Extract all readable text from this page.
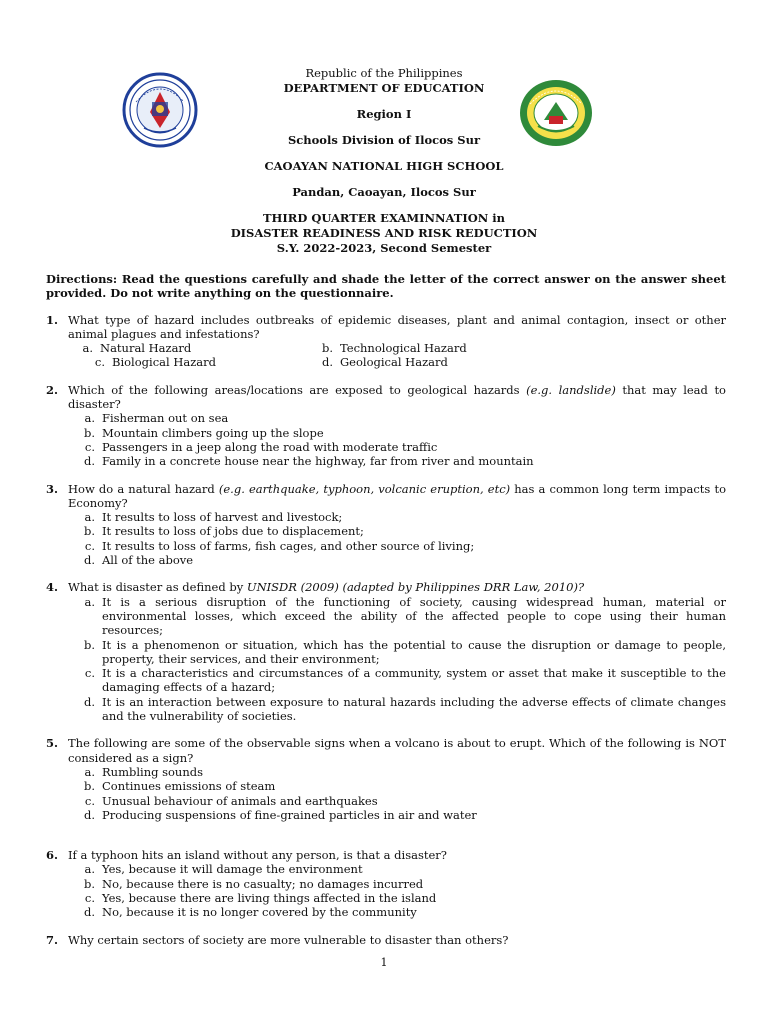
Republic of the Philippines
DEPARTMENT OF EDUCATION
Region I
Schools Division of Ilocos Sur
CAOAYAN NATIONAL HIGH SCHOOL
Pandan, Caoayan, Ilocos Sur
THIRD QUARTER EXAMINNATION in
DISASTER READINESS AND RISK REDUCTION
S.Y. 2022-2023, Second Semester
Directions: Read the questions carefully and shade the letter of the correct answer on the answer sheet provided. Do not write anything on the questionnaire.
1. What type of hazard includes outbreaks of epidemic diseases, plant and animal contagion, insect or other animal plagues and infestations?
a. Natural Hazard	b. Technological Hazard
c. Biological Hazard	d. Geological Hazard
2. Which of the following areas/locations are exposed to geological hazards (e.g. landslide) that may lead to disaster?
a. Fisherman out on sea
b. Mountain climbers going up the slope
c. Passengers in a jeep along the road with moderate traffic
d. Family in a concrete house near the highway, far from river and mountain
3. How do a natural hazard (e.g. earthquake, typhoon, volcanic eruption, etc) has a common long term impacts to Economy?
a. It results to loss of harvest and livestock;
b. It results to loss of jobs due to displacement;
c. It results to loss of farms, fish cages, and other source of living;
d. All of the above
4. What is disaster as defined by UNISDR (2009) (adapted by Philippines DRR Law, 2010)?
a. It is a serious disruption of the functioning of society, causing widespread human, material or environmental losses, which exceed the ability of the affected people to cope using their human resources;
b. It is a phenomenon or situation, which has the potential to cause the disruption or damage to people, property, their services, and their environment;
c. It is a characteristics and circumstances of a community, system or asset that make it susceptible to the damaging effects of a hazard;
d. It is an interaction between exposure to natural hazards including the adverse effects of climate changes and the vulnerability of societies.
5. The following are some of the observable signs when a volcano is about to erupt. Which of the following is NOT considered as a sign?
a. Rumbling sounds
b. Continues emissions of steam
c. Unusual behaviour of animals and earthquakes
d. Producing suspensions of fine-grained particles in air and water
6. If a typhoon hits an island without any person, is that a disaster?
a. Yes, because it will damage the environment
b. No, because there is no casualty; no damages incurred
c. Yes, because there are living things affected in the island
d. No, because it is no longer covered by the community
7. Why certain sectors of society are more vulnerable to disaster than others?
1
